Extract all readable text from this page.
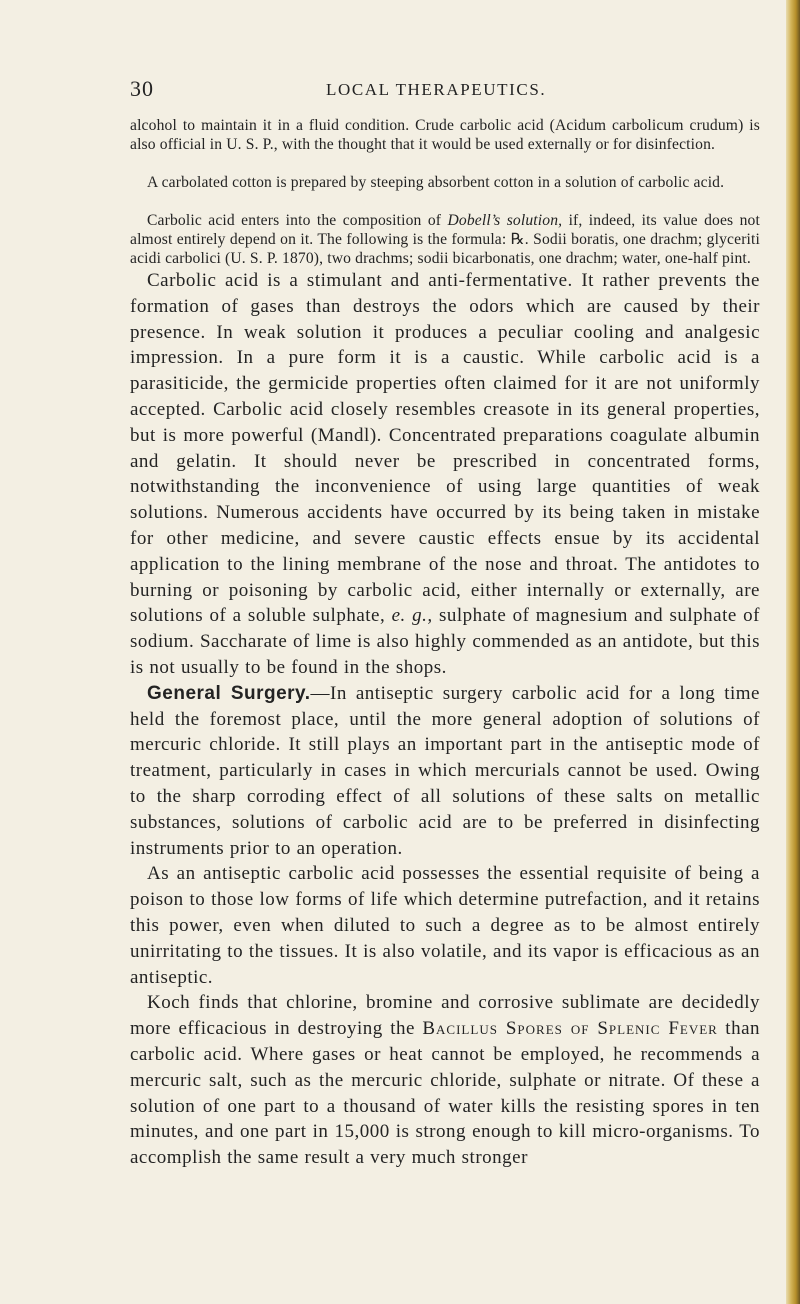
30	LOCAL THERAPEUTICS.

alcohol to maintain it in a fluid condition. Crude carbolic acid (Acidum carbolicum crudum) is also official in U. S. P., with the thought that it would be used externally or for disinfection.

A carbolated cotton is prepared by steeping absorbent cotton in a solution of carbolic acid.

Carbolic acid enters into the composition of Dobell’s solution, if, indeed, its value does not almost entirely depend on it. The following is the formula: ℞. Sodii boratis, one drachm; glyceriti acidi carbolici (U. S. P. 1870), two drachms; sodii bicarbonatis, one drachm; water, one-half pint.

Carbolic acid is a stimulant and anti-fermentative. It rather prevents the formation of gases than destroys the odors which are caused by their presence. In weak solution it produces a peculiar cooling and analgesic impression. In a pure form it is a caustic. While carbolic acid is a parasiticide, the germicide properties often claimed for it are not uniformly accepted. Carbolic acid closely resembles creasote in its general properties, but is more powerful (Mandl). Concentrated preparations coagulate albumin and gelatin. It should never be prescribed in concentrated forms, notwithstanding the inconvenience of using large quantities of weak solutions. Numerous accidents have occurred by its being taken in mistake for other medicine, and severe caustic effects ensue by its accidental application to the lining membrane of the nose and throat. The antidotes to burning or poisoning by carbolic acid, either internally or externally, are solutions of a soluble sulphate, e. g., sulphate of magnesium and sulphate of sodium. Saccharate of lime is also highly commended as an antidote, but this is not usually to be found in the shops.

General Surgery.—In antiseptic surgery carbolic acid for a long time held the foremost place, until the more general adoption of solutions of mercuric chloride. It still plays an important part in the antiseptic mode of treatment, particularly in cases in which mercurials cannot be used. Owing to the sharp corroding effect of all solutions of these salts on metallic substances, solutions of carbolic acid are to be preferred in disinfecting instruments prior to an operation.

As an antiseptic carbolic acid possesses the essential requisite of being a poison to those low forms of life which determine putrefaction, and it retains this power, even when diluted to such a degree as to be almost entirely unirritating to the tissues. It is also volatile, and its vapor is efficacious as an antiseptic.

Koch finds that chlorine, bromine and corrosive sublimate are decidedly more efficacious in destroying the Bacillus Spores of Splenic Fever than carbolic acid. Where gases or heat cannot be employed, he recommends a mercuric salt, such as the mercuric chloride, sulphate or nitrate. Of these a solution of one part to a thousand of water kills the resisting spores in ten minutes, and one part in 15,000 is strong enough to kill micro-organisms. To accomplish the same result a very much stronger
